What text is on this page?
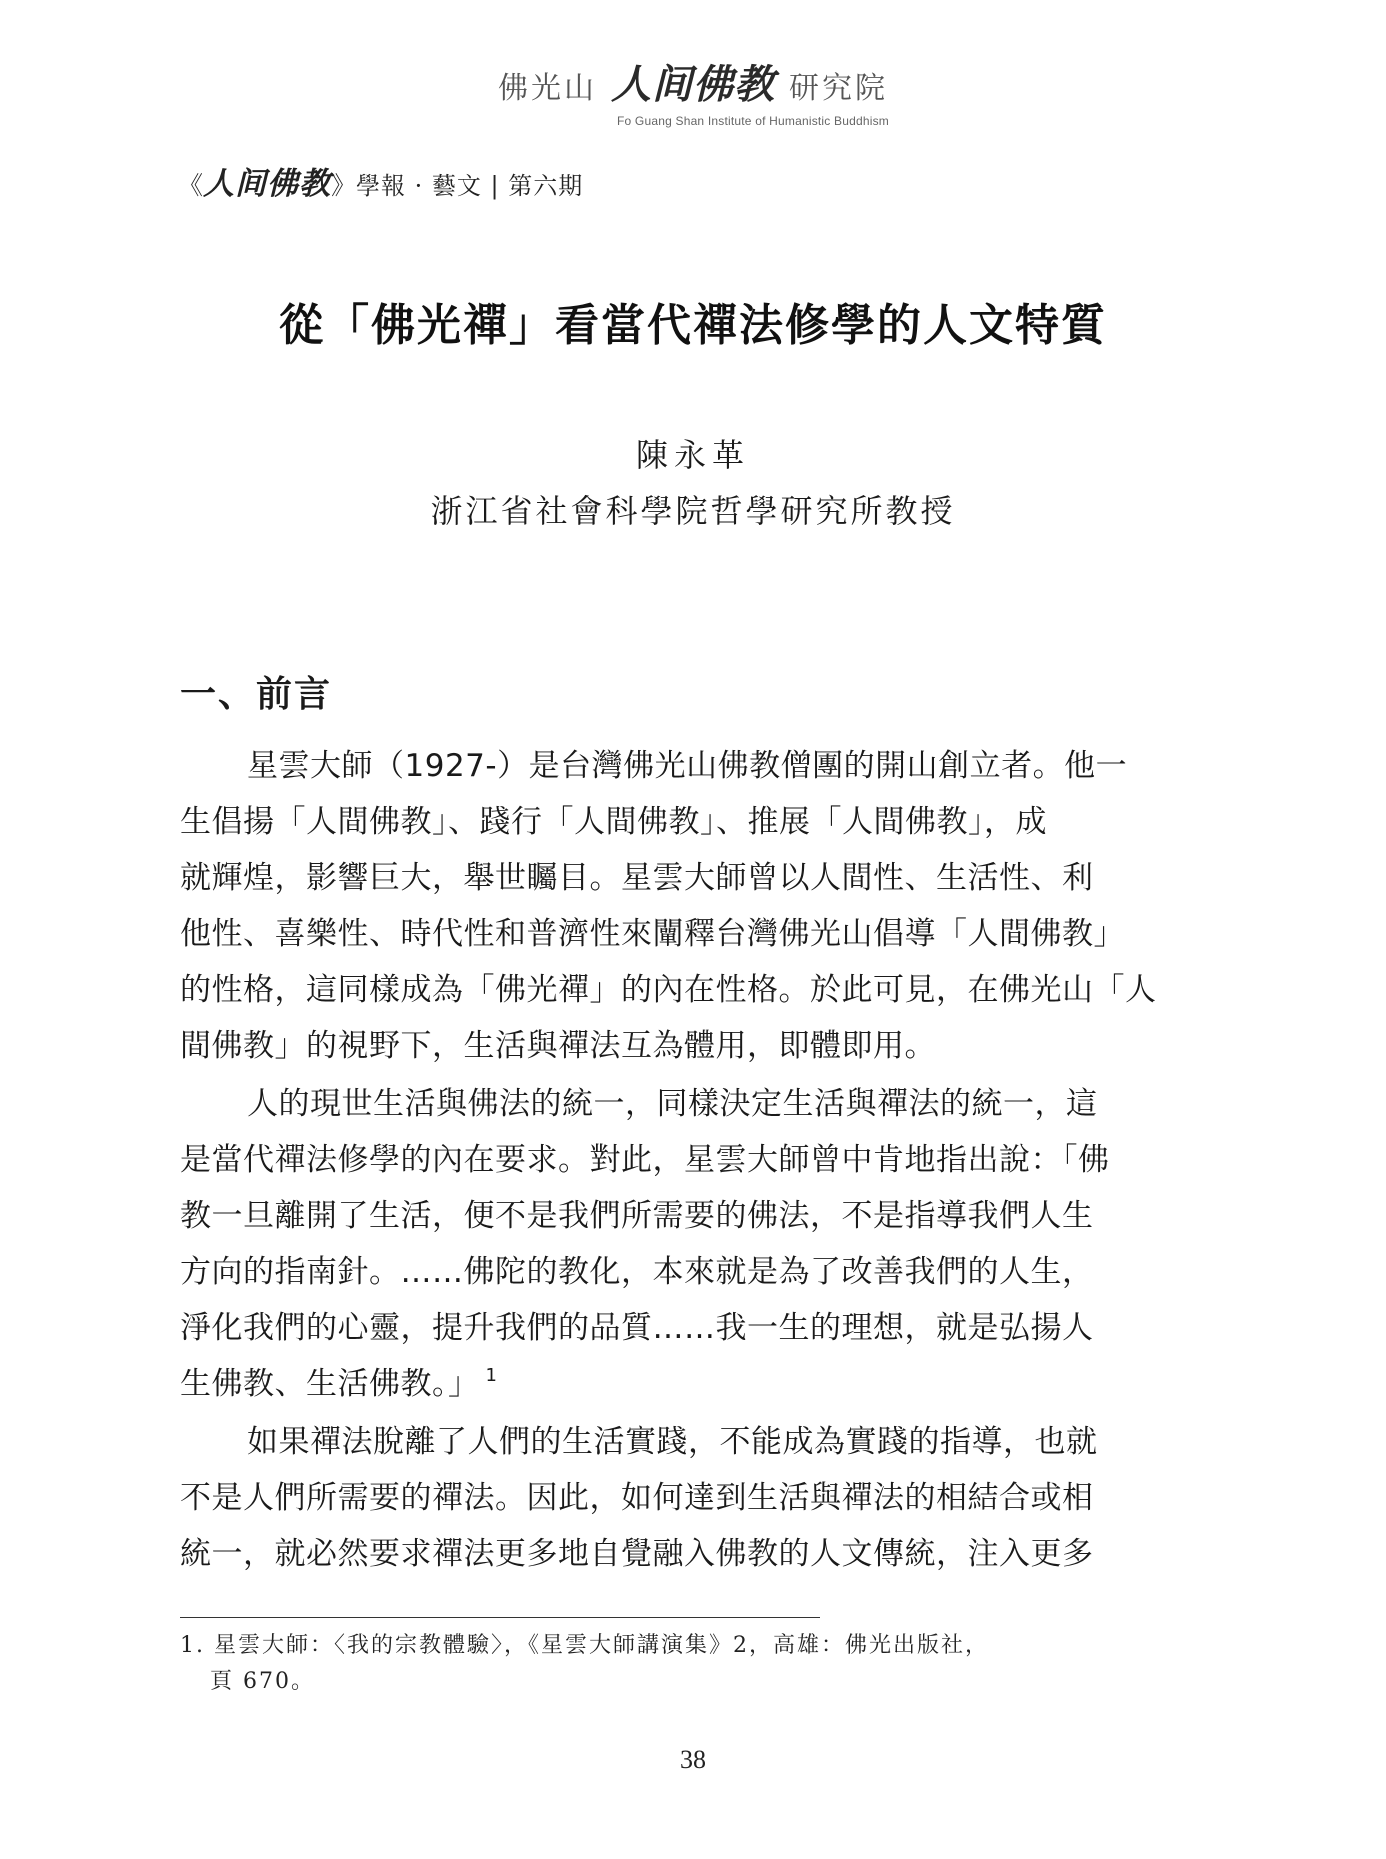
佛光山 人间佛教 研究院
Fo Guang Shan Institute of Humanistic Buddhism
《 人间佛教 》 學報 · 藝文 | 第六期
從「佛光禪」看當代禪法修學的人文特質
陳永革
浙江省社會科學院哲學研究所教授
一、前言

星雲大師（1927-）是台灣佛光山佛教僧團的開山創立者。他一
生倡揚「人間佛教」、踐行「人間佛教」、推展「人間佛教」，成
就輝煌，影響巨大，舉世矚目。星雲大師曾以人間性、生活性、利
他性、喜樂性、時代性和普濟性來闡釋台灣佛光山倡導「人間佛教」
的性格，這同樣成為「佛光禪」的內在性格。於此可見，在佛光山「人
間佛教」的視野下，生活與禪法互為體用，即體即用。

人的現世生活與佛法的統一，同樣決定生活與禪法的統一，這
是當代禪法修學的內在要求。對此，星雲大師曾中肯地指出說：「佛
教一旦離開了生活，便不是我們所需要的佛法，不是指導我們人生
方向的指南針。……佛陀的教化，本來就是為了改善我們的人生，
淨化我們的心靈，提升我們的品質……我一生的理想，就是弘揚人
生佛教、生活佛教。」 $^1$

如果禪法脫離了人們的生活實踐，不能成為實踐的指導，也就
不是人們所需要的禪法。因此，如何達到生活與禪法的相結合或相
統一，就必然要求禪法更多地自覺融入佛教的人文傳統，注入更多

1. 星雲大師：〈我的宗教體驗〉，《星雲大師講演集》2，高雄：佛光出版社，
頁 670。
38
